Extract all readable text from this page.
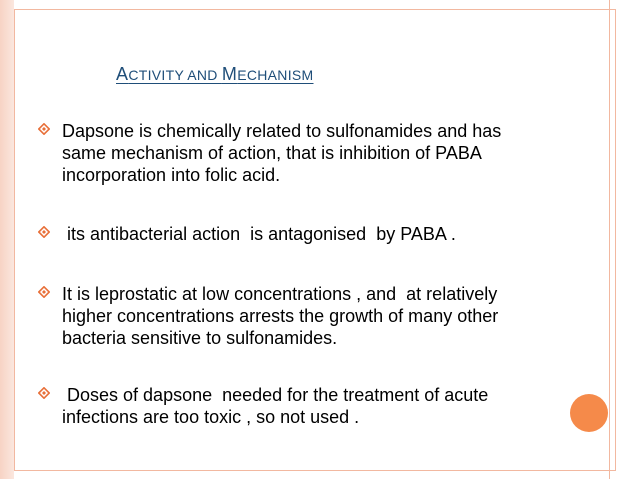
ACTIVITY AND MECHANISM
Dapsone is chemically related to sulfonamides and has
same mechanism of action, that is inhibition of PABA
incorporation into folic acid.
its antibacterial action  is antagonised  by PABA .
It is leprostatic at low concentrations , and  at relatively
higher concentrations arrests the growth of many other
bacteria sensitive to sulfonamides.
Doses of dapsone  needed for the treatment of acute
infections are too toxic , so not used .
